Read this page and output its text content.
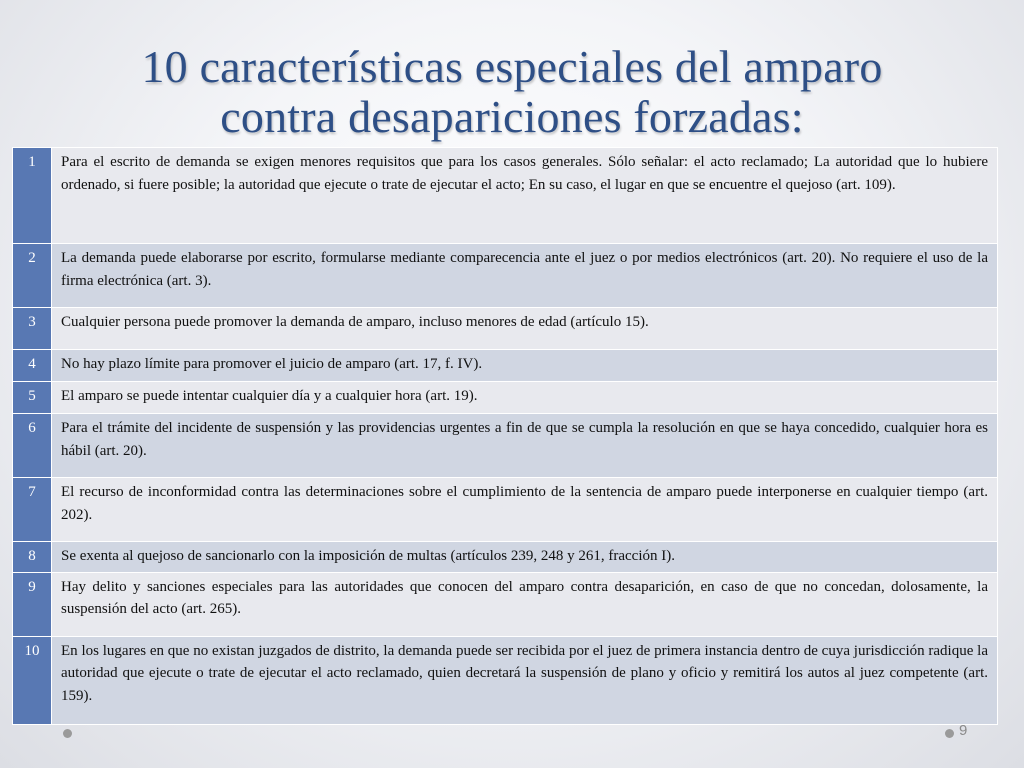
10 características especiales del amparo
contra desapariciones forzadas:
1	Para el escrito de demanda se exigen menores requisitos que para los casos generales. Sólo señalar: el acto reclamado; La autoridad que lo hubiere ordenado, si fuere posible; la autoridad que ejecute o trate de ejecutar el acto; En su caso, el lugar en que se encuentre el quejoso (art. 109).
2	La demanda puede elaborarse por escrito, formularse mediante comparecencia ante el juez o por medios electrónicos (art. 20). No requiere el uso de la firma electrónica (art. 3).
3	Cualquier persona puede promover la demanda de amparo, incluso menores de edad (artículo 15).
4	No hay plazo límite para promover el juicio de amparo (art. 17, f. IV).
5	El amparo se puede intentar cualquier día y a cualquier hora (art. 19).
6	Para el trámite del incidente de suspensión y las providencias urgentes a fin de que se cumpla la resolución en que se haya concedido, cualquier hora es hábil (art. 20).
7	El recurso de inconformidad contra las determinaciones sobre el cumplimiento de la sentencia de amparo puede interponerse en cualquier tiempo (art. 202).
8	Se exenta al quejoso de sancionarlo con la imposición de multas (artículos 239, 248 y 261, fracción I).
9	Hay delito y sanciones especiales para las autoridades que conocen del amparo contra desaparición, en caso de que no concedan, dolosamente, la suspensión del acto (art. 265).
10	En los lugares en que no existan juzgados de distrito, la demanda puede ser recibida por el juez de primera instancia dentro de cuya jurisdicción radique la autoridad que ejecute o trate de ejecutar el acto reclamado, quien decretará la suspensión de plano y oficio y remitirá los autos al juez competente (art. 159).
9
